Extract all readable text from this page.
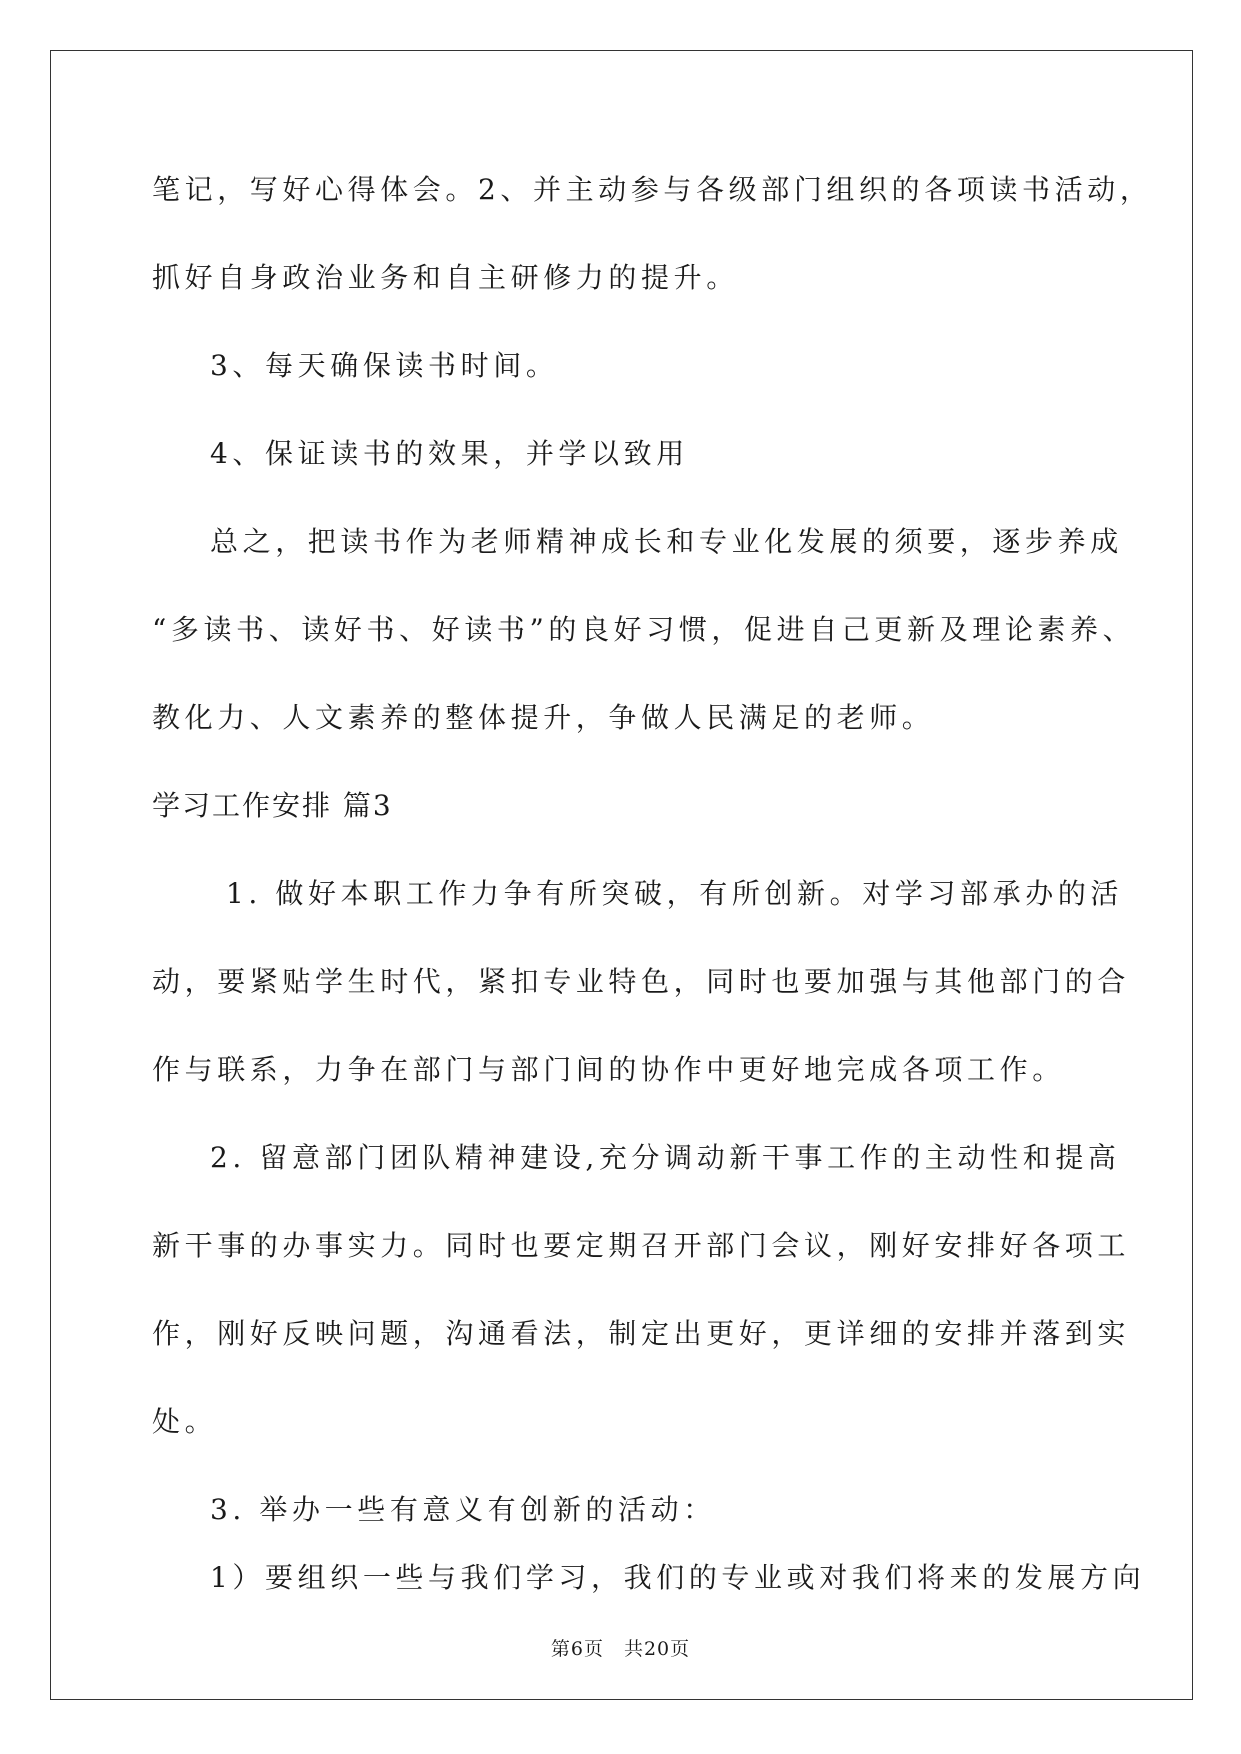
笔记，写好心得体会。2、并主动参与各级部门组织的各项读书活动，
抓好自身政治业务和自主研修力的提升。
3、每天确保读书时间。
4、保证读书的效果，并学以致用
总之，把读书作为老师精神成长和专业化发展的须要，逐步养成
“多读书、读好书、好读书”的良好习惯，促进自己更新及理论素养、
教化力、人文素养的整体提升，争做人民满足的老师。
学习工作安排 篇3
1. 做好本职工作力争有所突破，有所创新。对学习部承办的活
动，要紧贴学生时代，紧扣专业特色，同时也要加强与其他部门的合
作与联系，力争在部门与部门间的协作中更好地完成各项工作。
2. 留意部门团队精神建设,充分调动新干事工作的主动性和提高
新干事的办事实力。同时也要定期召开部门会议，刚好安排好各项工
作，刚好反映问题，沟通看法，制定出更好，更详细的安排并落到实
处。
3. 举办一些有意义有创新的活动：
1）要组织一些与我们学习，我们的专业或对我们将来的发展方向
第6页　共20页
